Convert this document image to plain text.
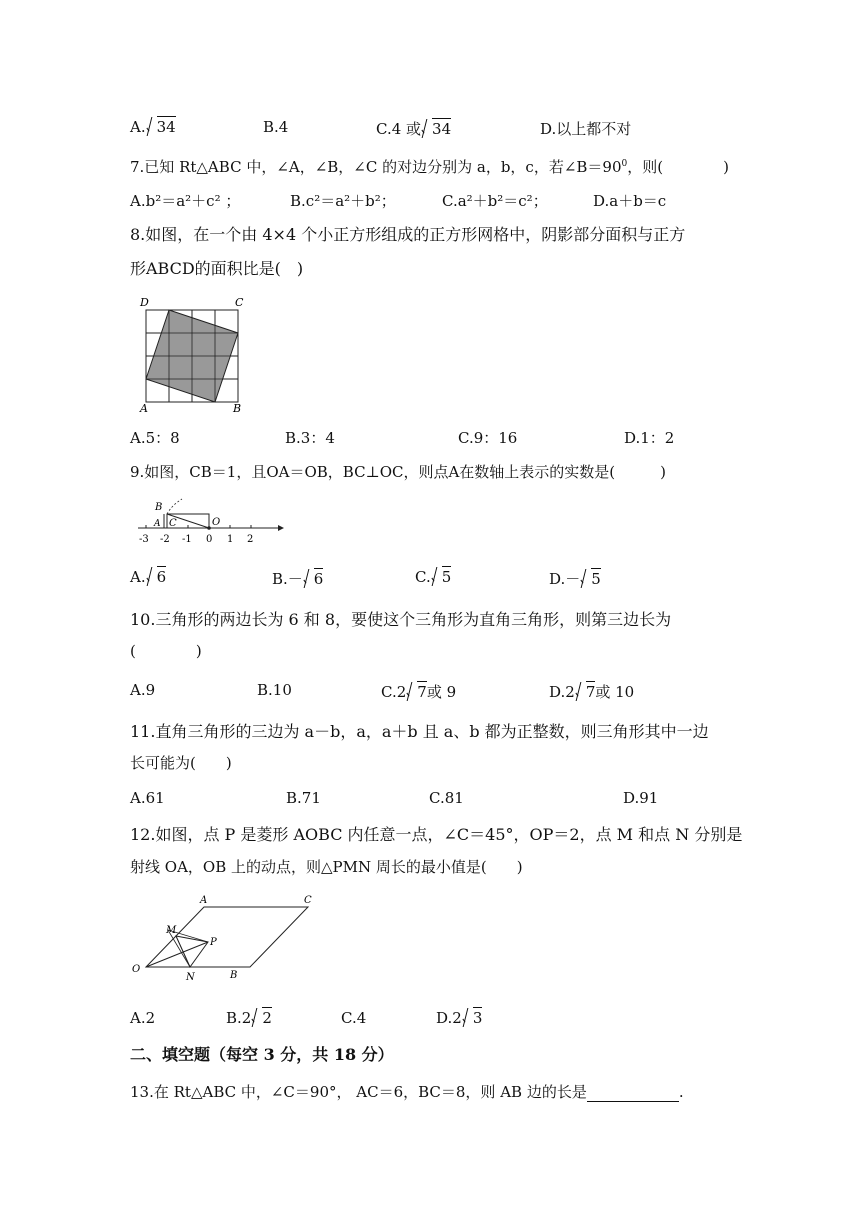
A. 34	B.4	C.4 或 34	D.以上都不对
7.已知 Rt△ABC 中，∠A，∠B，∠C 的对边分别为 a，b，c，若$\angle B=90^0$，则(　　　　)
A.b²＝a²＋c² ；	B.c²＝a²＋b²；	C.a²＋b²＝c²；	D.a＋b＝c
8.如图，在一个由 4×4 个小正方形组成的正方形网格中，阴影部分面积与正方
形ABCD的面积比是(　)
D	C
A	B
A.5：8	B.3：4	C.9：16	D.1：2
9.如图，CB＝1，且OA＝OB，BC⊥OC，则点A在数轴上表示的实数是(　　　)
B
A C	O
-3 -2 -1 0 1 2
A. 6	B.－ 6	C. 5	D.－ 5
10.三角形的两边长为 6 和 8，要使这个三角形为直角三角形，则第三边长为
(　　　　)
A.9	B.10	C.2 7或 9	D.2 7或 10
11.直角三角形的三边为 a－b，a，a＋b 且 a、b 都为正整数，则三角形其中一边
长可能为(　　)
A.61	B.71	C.81	D.91
12.如图，点 P 是菱形 AOBC 内任意一点，∠C＝45°，OP＝2，点 M 和点 N 分别是
射线 OA，OB 上的动点，则△PMN 周长的最小值是(　　)
A	C
M
P
O
N	B
A.2	B.2 2	C.4	D.2 3
二、填空题（每空 3 分，共 18 分）
13.在 Rt△ABC 中，∠C＝90°， AC＝6，BC＝8，则 AB 边的长是	.
